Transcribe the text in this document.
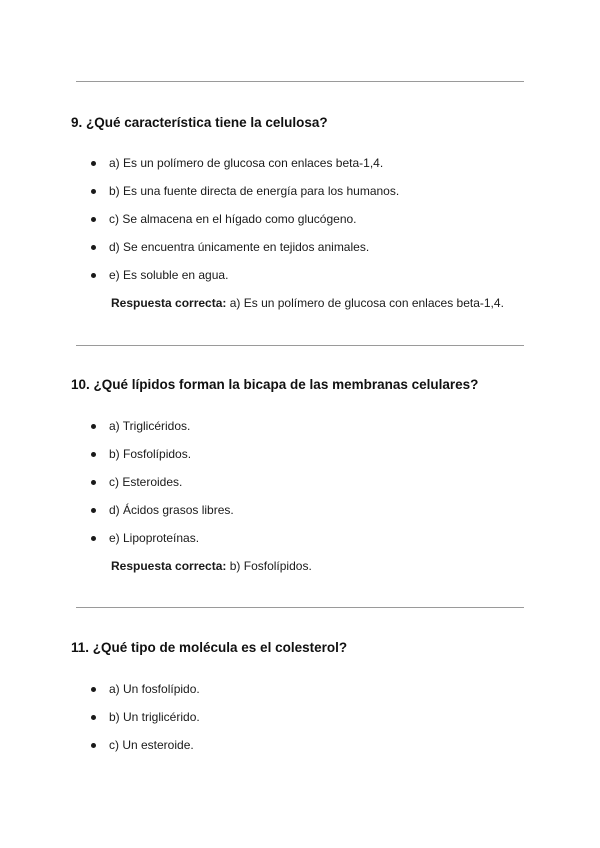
9. ¿Qué característica tiene la celulosa?
a) Es un polímero de glucosa con enlaces beta-1,4.
b) Es una fuente directa de energía para los humanos.
c) Se almacena en el hígado como glucógeno.
d) Se encuentra únicamente en tejidos animales.
e) Es soluble en agua.

Respuesta correcta: a) Es un polímero de glucosa con enlaces beta-1,4.

10. ¿Qué lípidos forman la bicapa de las membranas celulares?
a) Triglicéridos.
b) Fosfolípidos.
c) Esteroides.
d) Ácidos grasos libres.
e) Lipoproteínas.

Respuesta correcta: b) Fosfolípidos.

11. ¿Qué tipo de molécula es el colesterol?
a) Un fosfolípido.
b) Un triglicérido.
c) Un esteroide.
